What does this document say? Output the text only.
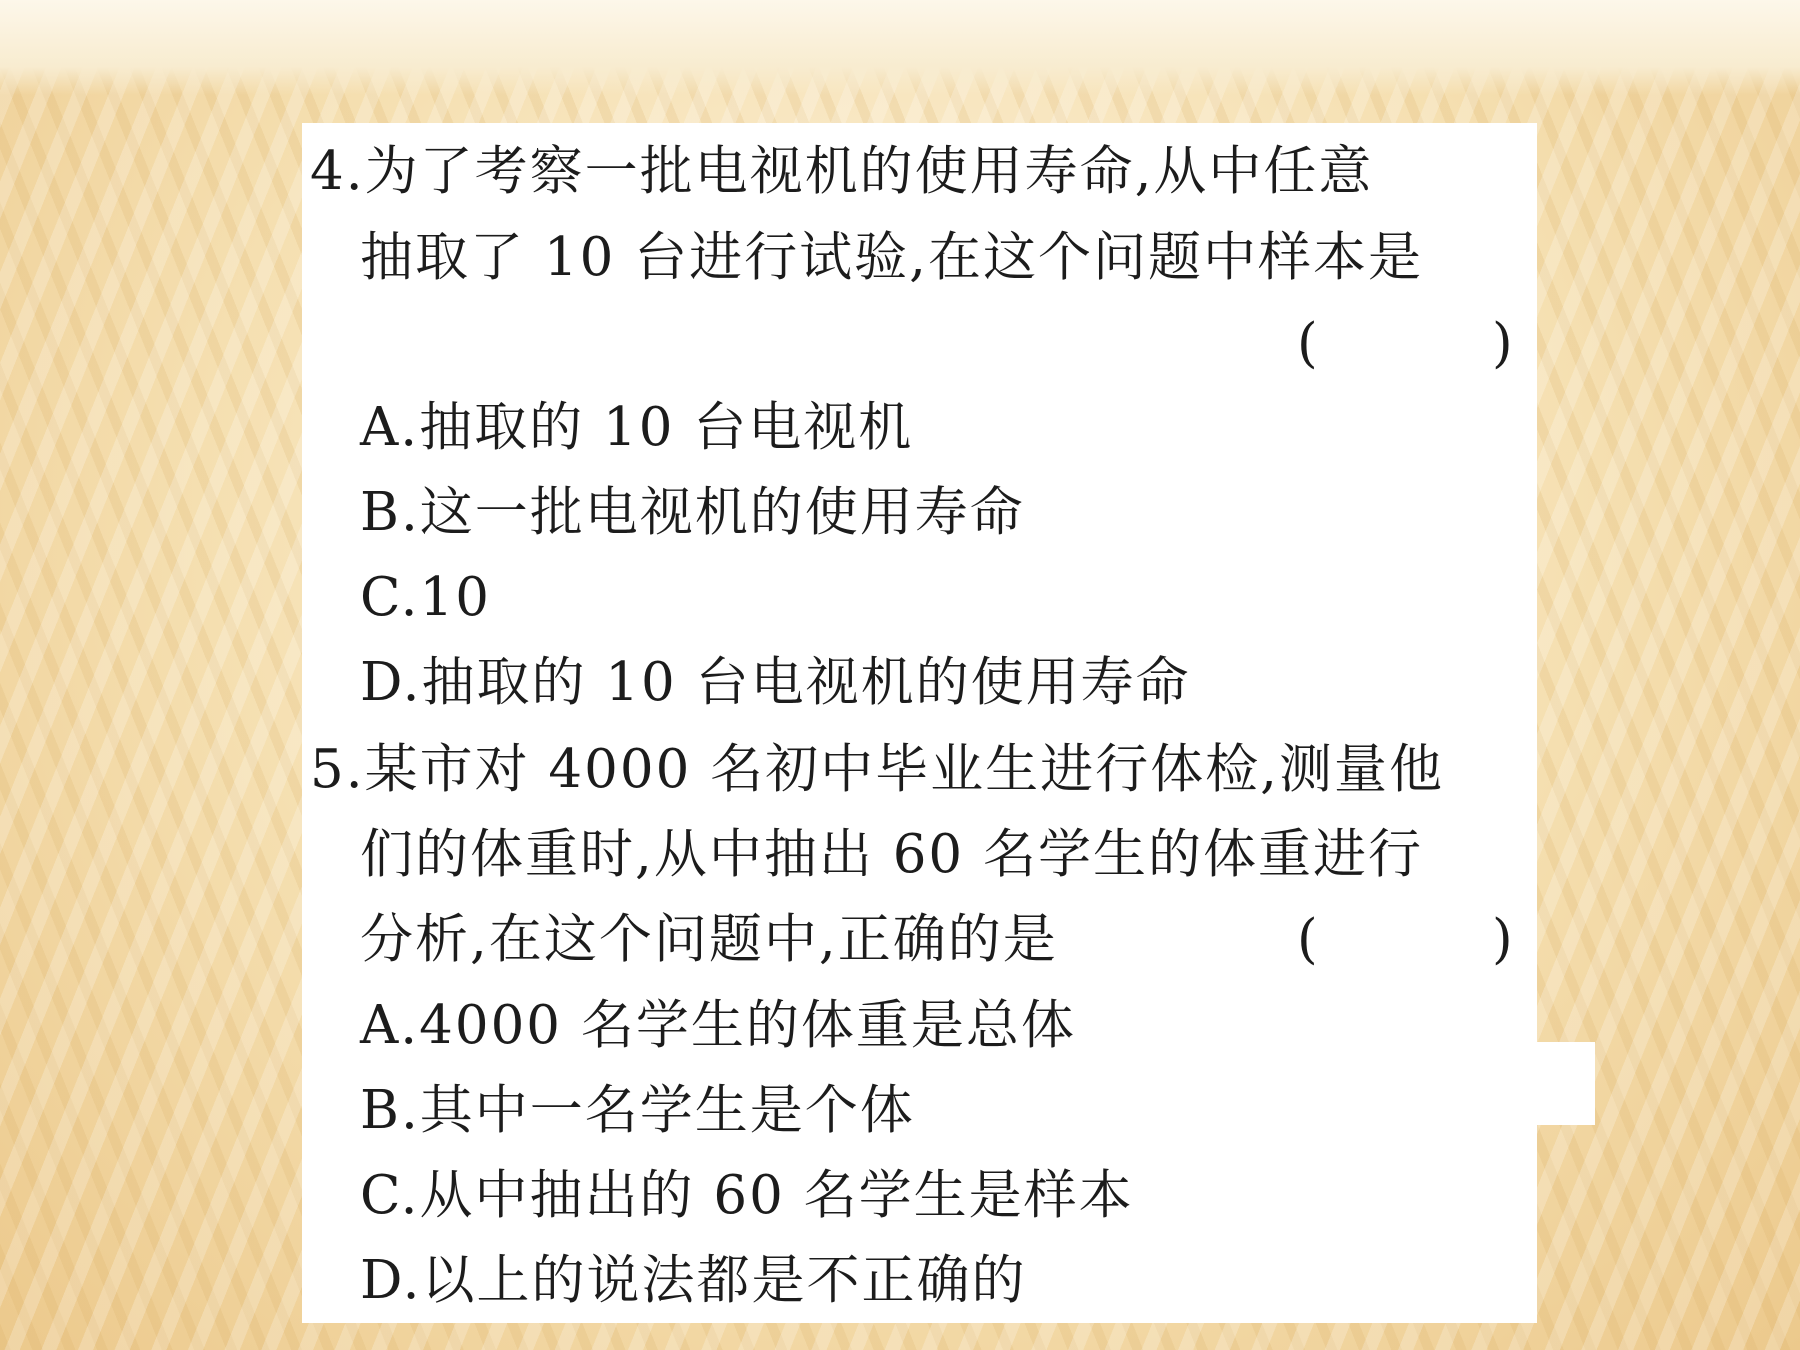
4.为了考察一批电视机的使用寿命,从中任意

抽取了 10 台进行试验,在这个问题中样本是

(	)

A.抽取的 10 台电视机

B.这一批电视机的使用寿命

C.10

D.抽取的 10 台电视机的使用寿命

5.某市对 4000 名初中毕业生进行体检,测量他

们的体重时,从中抽出 60 名学生的体重进行

分析,在这个问题中,正确的是	(	)

A.4000 名学生的体重是总体

B.其中一名学生是个体

C.从中抽出的 60 名学生是样本

D.以上的说法都是不正确的
